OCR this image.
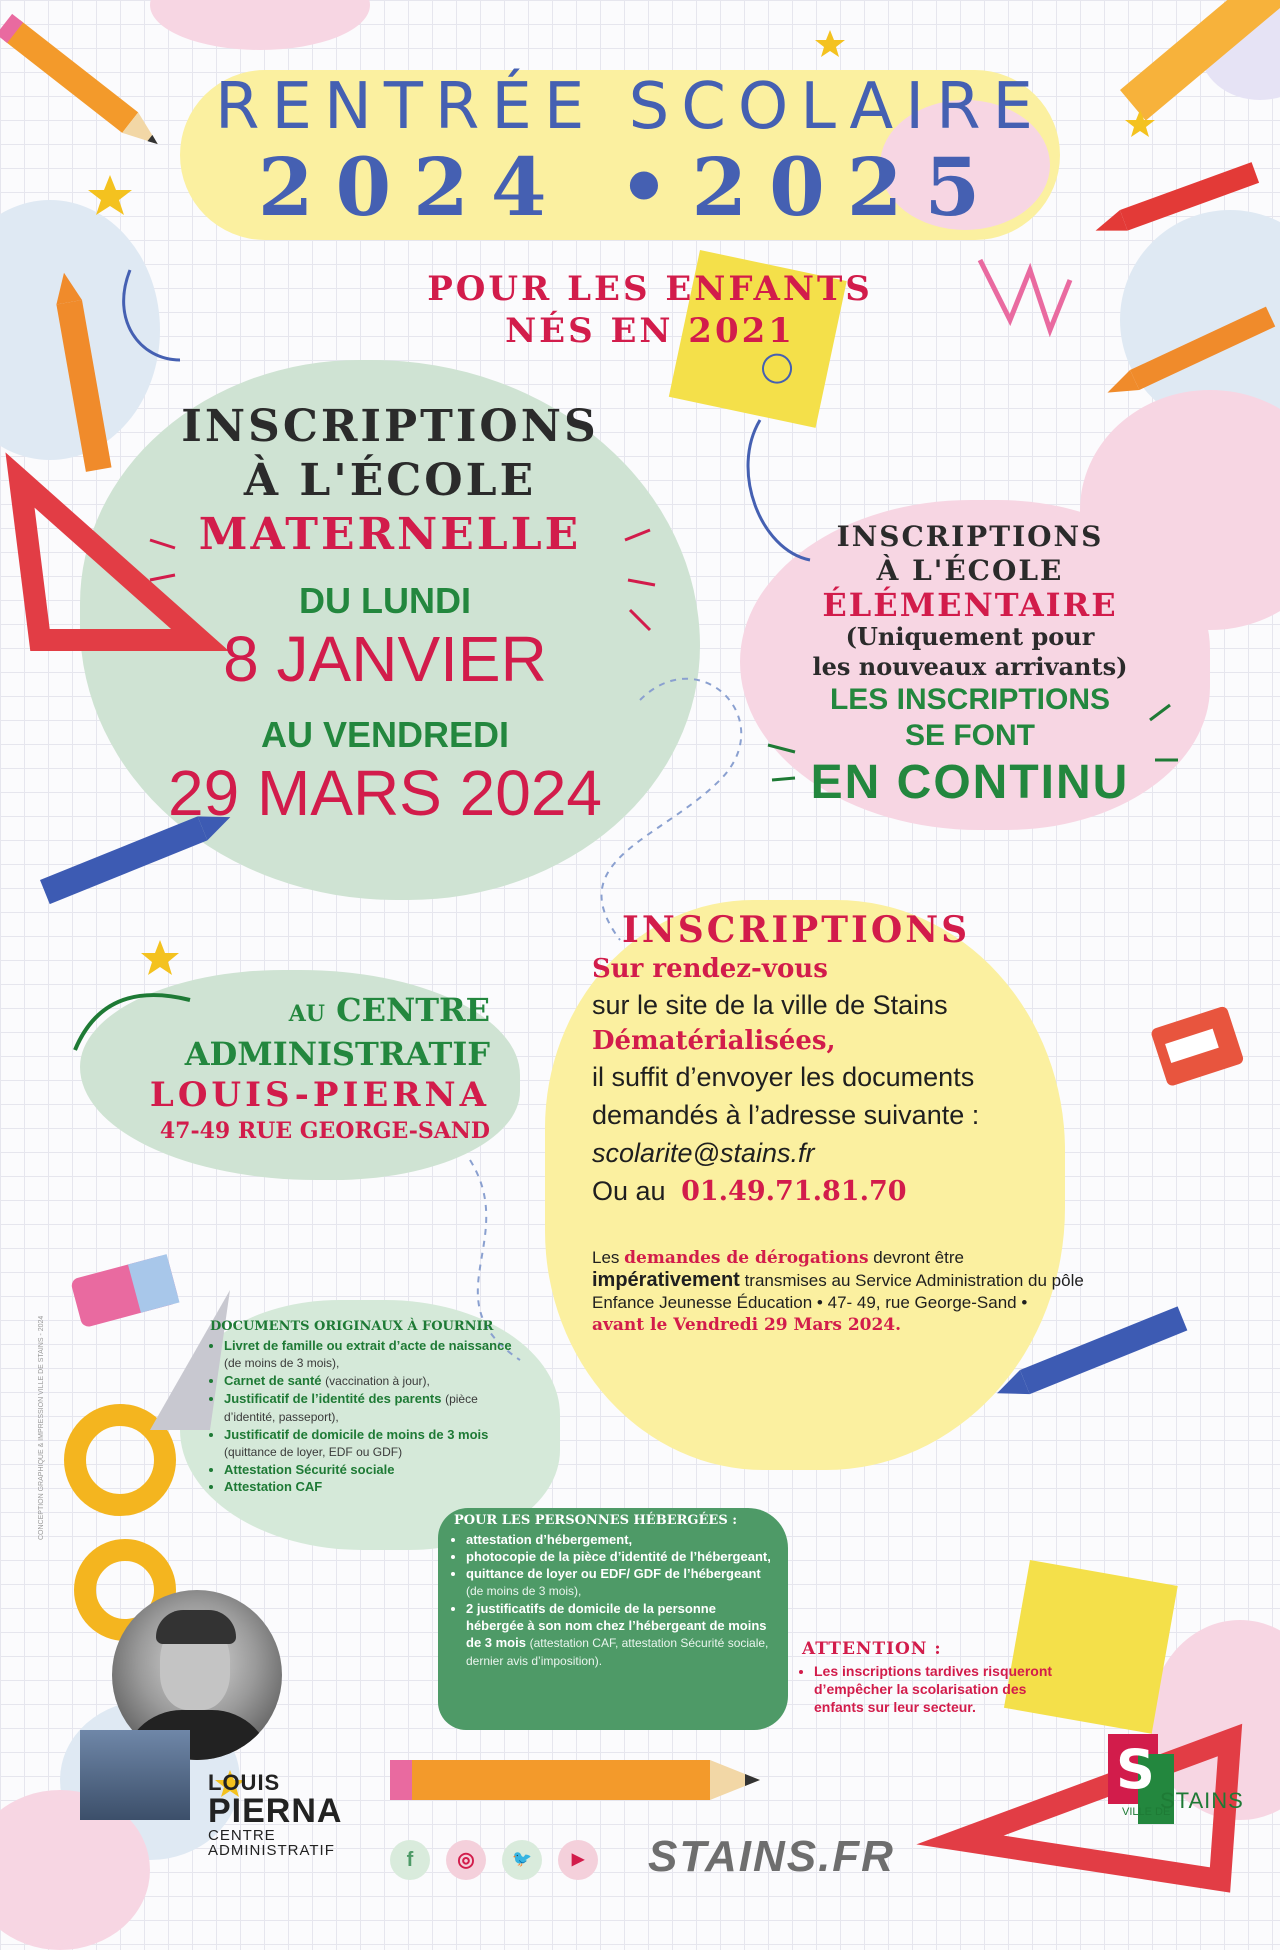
RENTRÉE SCOLAIRE
2024 •2025
POUR LES ENFANTS
NÉS EN 2021
INSCRIPTIONS
À L'ÉCOLE
MATERNELLE
DU LUNDI
8 JANVIER
AU VENDREDI
29 MARS 2024
INSCRIPTIONS
À L'ÉCOLE
ÉLÉMENTAIRE
(Uniquement pour
les nouveaux arrivants)
LES INSCRIPTIONS
SE FONT
EN CONTINU
AU CENTRE
ADMINISTRATIF
LOUIS-PIERNA
47-49 RUE GEORGE-SAND
INSCRIPTIONS
Sur rendez-vous
sur le site de la ville de Stains
Dématérialisées,
il suffit d’envoyer les documents
demandés à l’adresse suivante :
scolarite@stains.fr
Ou au 01.49.71.81.70
Les demandes de dérogations devront être impérativement transmises au Service Administration du pôle Enfance Jeunesse Éducation • 47- 49, rue George-Sand •
avant le Vendredi 29 Mars 2024.
DOCUMENTS ORIGINAUX À FOURNIR
• Livret de famille ou extrait d’acte de naissance (de moins de 3 mois),
• Carnet de santé (vaccination à jour),
• Justificatif de l’identité des parents (pièce d’identité, passeport),
• Justificatif de domicile de moins de 3 mois (quittance de loyer, EDF ou GDF)
• Attestation Sécurité sociale
• Attestation CAF
POUR LES PERSONNES HÉBERGÉES :
• attestation d’hébergement,
• photocopie de la pièce d’identité de l’hébergeant,
• quittance de loyer ou EDF/ GDF de l’hébergeant (de moins de 3 mois),
• 2 justificatifs de domicile de la personne hébergée à son nom chez l’hébergeant de moins de 3 mois (attestation CAF, attestation Sécurité sociale, dernier avis d’imposition).
ATTENTION :
• Les inscriptions tardives risqueront d’empêcher la scolarisation des enfants sur leur secteur.
LOUIS
PIERNA
CENTRE
ADMINISTRATIF	f	◎	🐦	▶	STAINS.FR
S STAINS
VILLE DE
CONCEPTION GRAPHIQUE & IMPRESSION VILLE DE STAINS - 2024
